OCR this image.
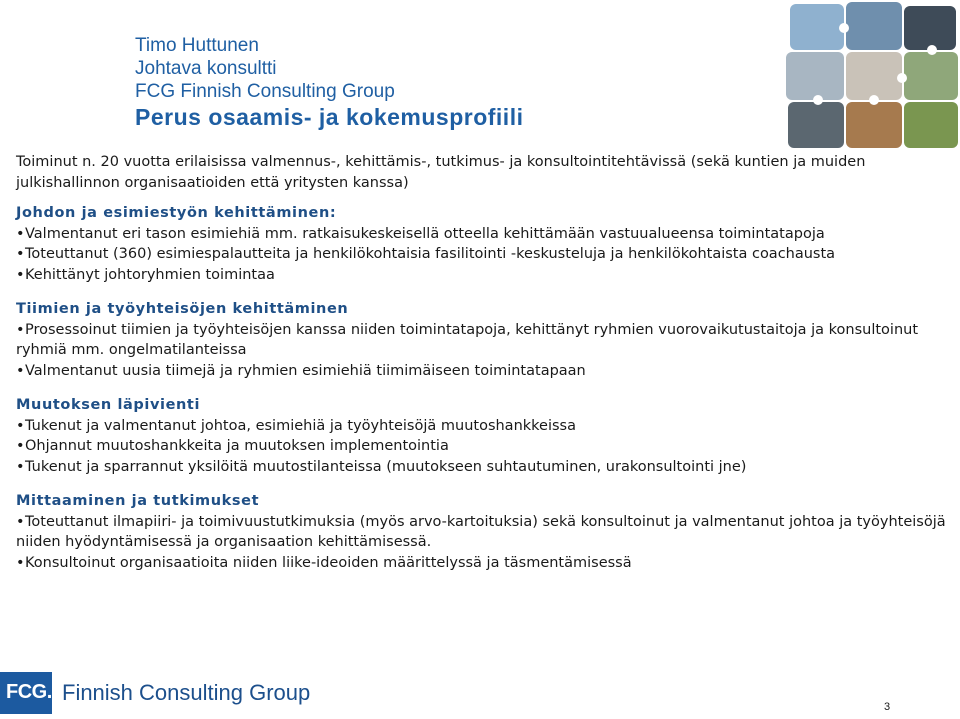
Timo Huttunen
Johtava konsultti
FCG Finnish Consulting Group
Perus osaamis- ja kokemusprofiili

Toiminut n. 20 vuotta erilaisissa valmennus-, kehittämis-, tutkimus- ja konsultointitehtävissä (sekä kuntien ja muiden julkishallinnon organisaatioiden että yritysten kanssa)

Johdon ja esimiestyön kehittäminen:

•Valmentanut eri tason esimiehiä mm. ratkaisukeskeisellä otteella kehittämään vastuualueensa toimintatapoja

•Toteuttanut (360) esimiespalautteita ja henkilökohtaisia fasilitointi -keskusteluja ja henkilökohtaista coachausta

•Kehittänyt johtoryhmien toimintaa

Tiimien ja työyhteisöjen kehittäminen

•Prosessoinut tiimien ja työyhteisöjen kanssa niiden toimintatapoja, kehittänyt ryhmien vuorovaikutustaitoja ja konsultoinut ryhmiä mm. ongelmatilanteissa

•Valmentanut uusia tiimejä ja ryhmien esimiehiä tiimimäiseen toimintatapaan

Muutoksen läpivienti

•Tukenut ja valmentanut johtoa, esimiehiä ja työyhteisöjä muutoshankkeissa

•Ohjannut muutoshankkeita ja muutoksen implementointia

•Tukenut ja sparrannut yksilöitä muutostilanteissa (muutokseen suhtautuminen, urakonsultointi jne)

Mittaaminen ja tutkimukset

•Toteuttanut ilmapiiri- ja toimivuustutkimuksia (myös arvo-kartoituksia) sekä konsultoinut ja valmentanut johtoa ja työyhteisöjä niiden hyödyntämisessä ja organisaation kehittämisessä.

•Konsultoinut organisaatioita niiden liike-ideoiden määrittelyssä ja täsmentämisessä

FCG. Finnish Consulting Group
3
